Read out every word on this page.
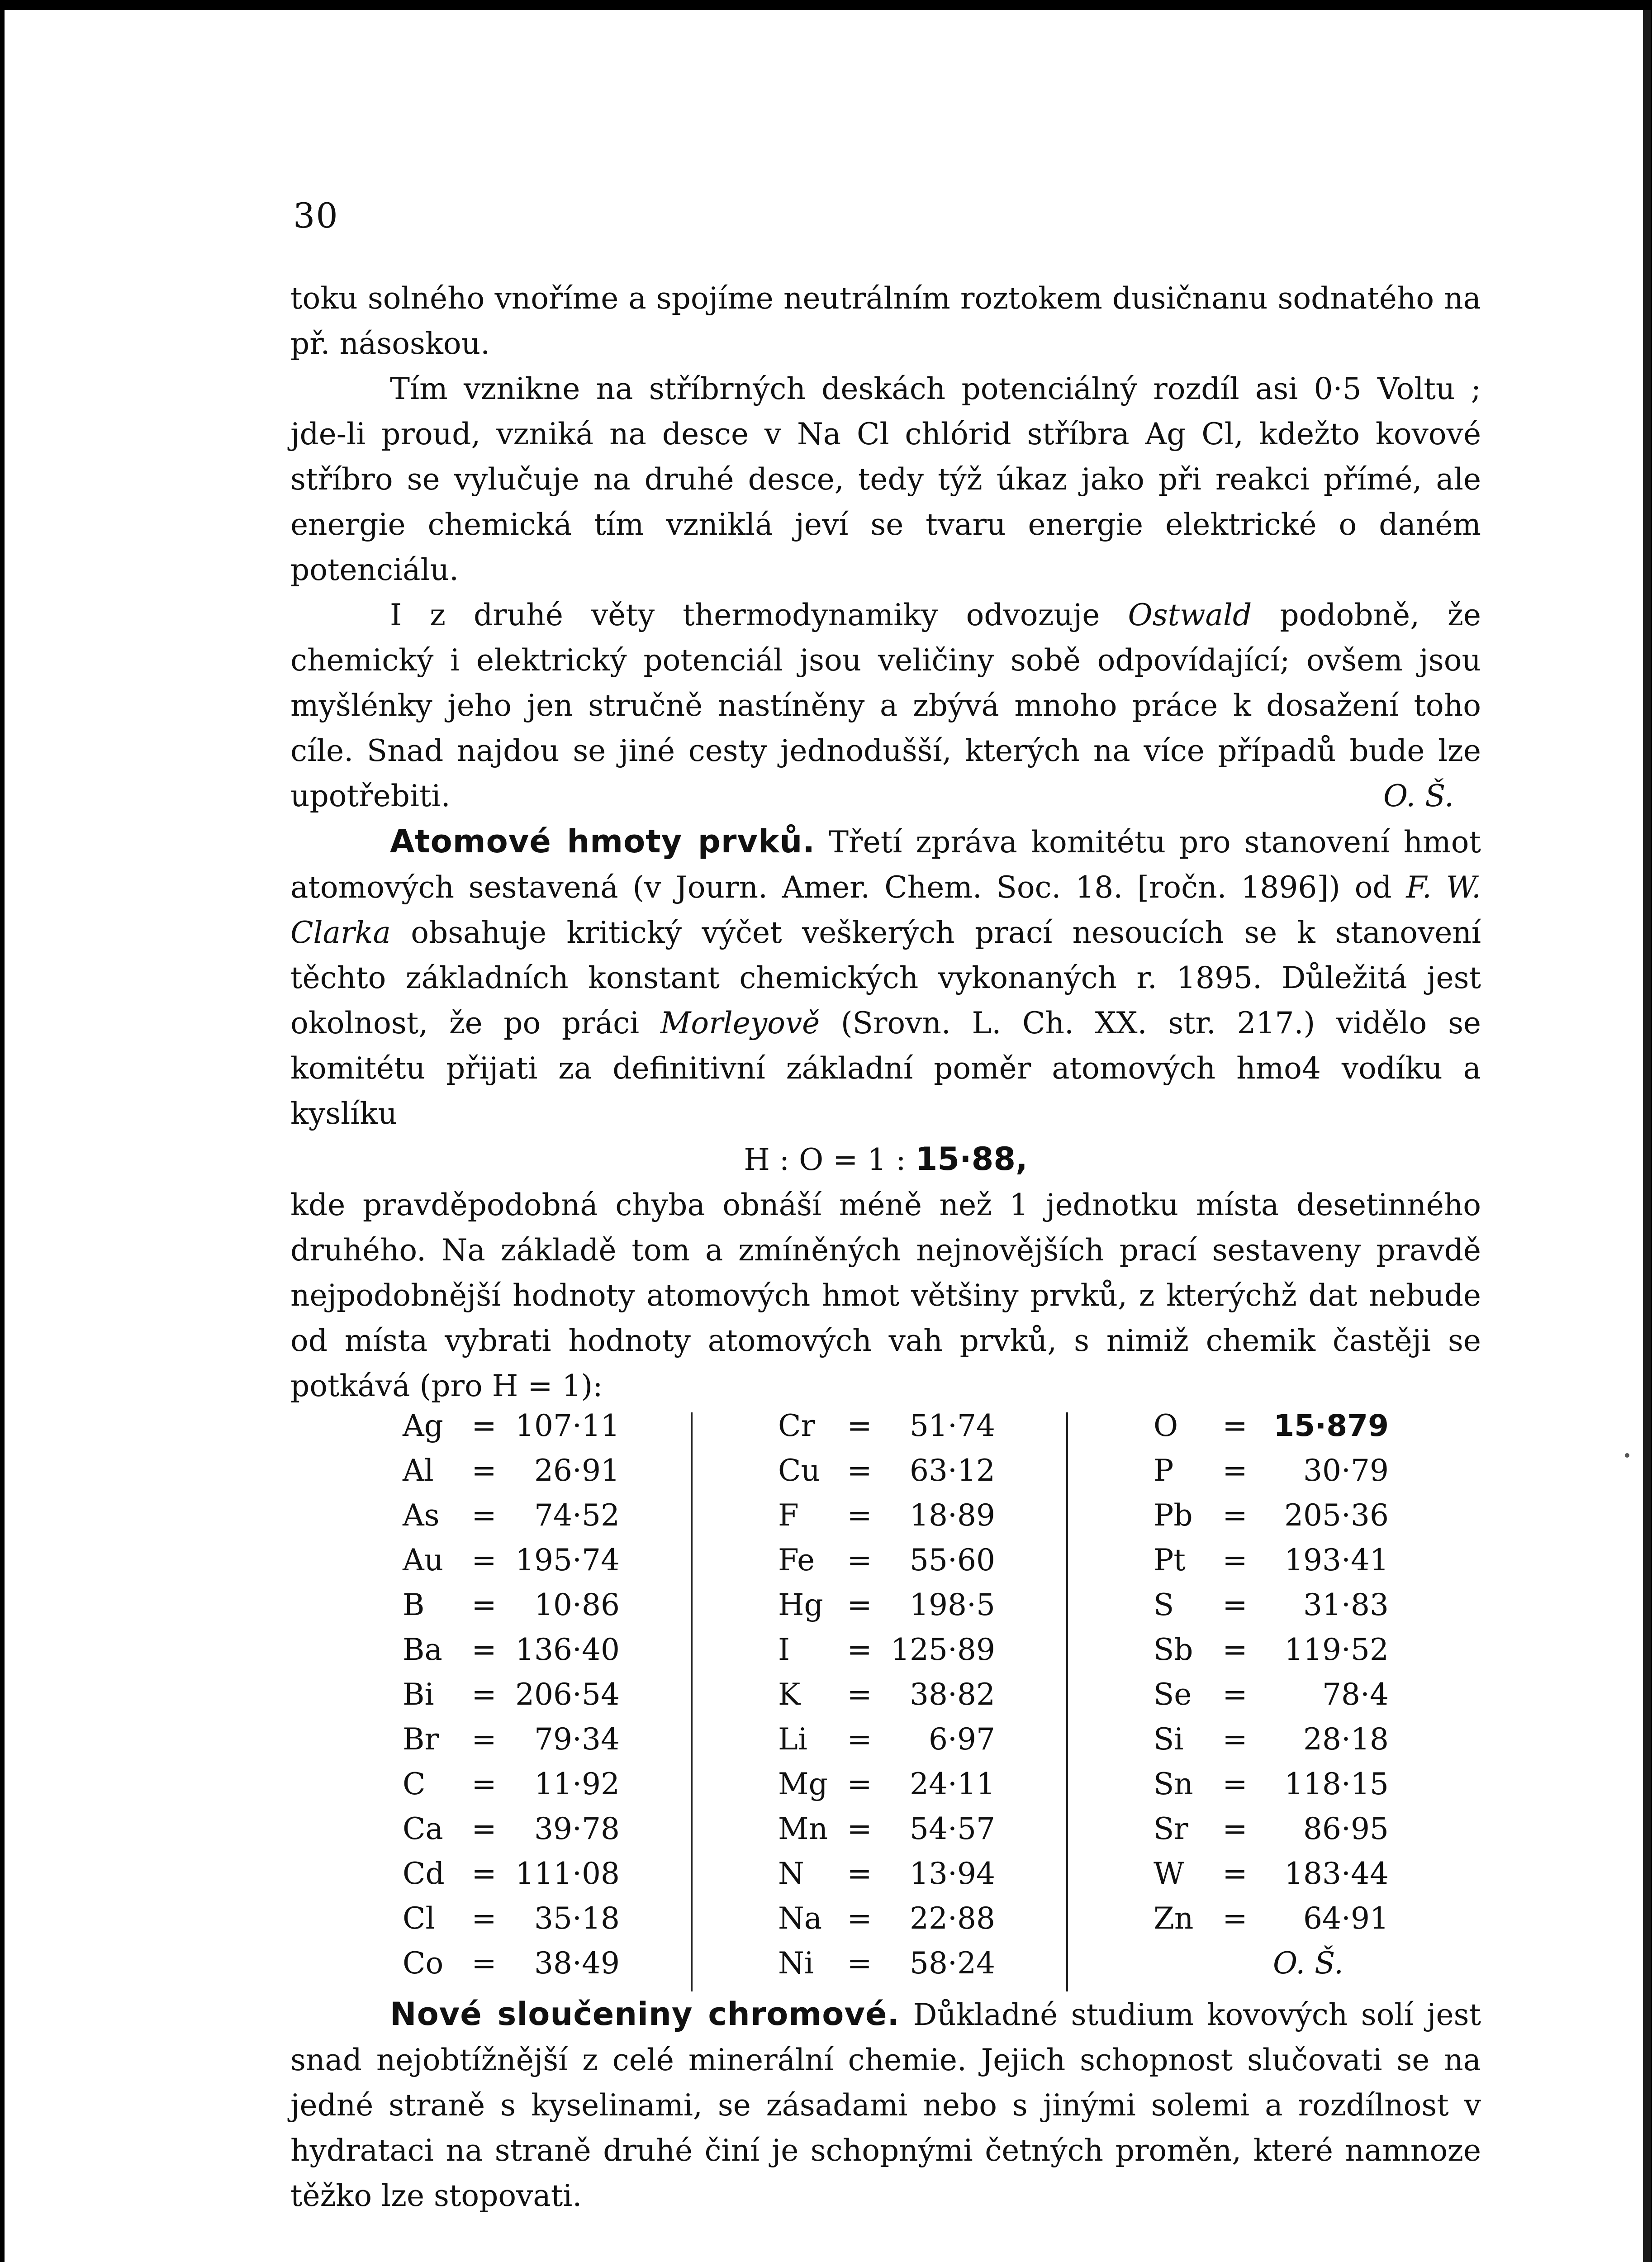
30

toku solného vnoříme a spojíme neutrálním roztokem dusičnanu sodnatého na př. násoskou.

Tím vznikne na stříbrných deskách potenciálný rozdíl asi 0·5 Voltu ; jde-li proud, vzniká na desce v Na Cl chlórid stříbra Ag Cl, kdežto kovové stříbro se vylučuje na druhé desce, tedy týž úkaz jako při reakci přímé, ale energie chemická tím vzniklá jeví se tvaru energie elektrické o daném potenciálu.

I z druhé věty thermodynamiky odvozuje Ostwald podobně, že chemický i elektrický potenciál jsou veličiny sobě odpovídající; ovšem jsou myšlénky jeho jen stručně nastíněny a zbývá mnoho práce k dosažení toho cíle. Snad najdou se jiné cesty jednodušší, kterých na více případů bude lze upotřebiti.	O. Š.

Atomové hmoty prvků. Třetí zpráva komitétu pro stanovení hmot atomových sestavená (v Journ. Amer. Chem. Soc. 18. [ročn. 1896]) od F. W. Clarka obsahuje kritický výčet veškerých prací nesoucích se k stanovení těchto základních konstant chemických vykonaných r. 1895. Důležitá jest okolnost, že po práci Morleyově (Srovn. L. Ch. XX. str. 217.) vidělo se komitétu přijati za definitivní základní poměr atomových hmo4 vodíku a kyslíku

H : O = 1 : 15·88,

kde pravděpodobná chyba obnáší méně než 1 jednotku místa desetinného druhého. Na základě tom a zmíněných nejnovějších prací sestaveny pravdě nejpodobnější hodnoty atomových hmot většiny prvků, z kterýchž dat nebude od místa vybrati hodnoty atomových vah prvků, s nimiž chemik častěji se potkává (pro H = 1):

Ag = 107·11
Al = 26·91
As = 74·52
Au = 195·74
B = 10·86
Ba = 136·40
Bi = 206·54
Br = 79·34
C = 11·92
Ca = 39·78
Cd = 111·08
Cl = 35·18
Co = 38·49
Cr = 51·74
Cu = 63·12
F = 18·89
Fe = 55·60
Hg = 198·5
I = 125·89
K = 38·82
Li = 6·97
Mg = 24·11
Mn = 54·57
N = 13·94
Na = 22·88
Ni = 58·24
O = 15·879
P = 30·79
Pb = 205·36
Pt = 193·41
S = 31·83
Sb = 119·52
Se =	78·4
Si = 28·18
Sn = 118·15
Sr = 86·95
W = 183·44
Zn = 64·91
O. Š.

Nové sloučeniny chromové. Důkladné studium kovových solí jest snad nejobtížnější z celé minerální chemie. Jejich schopnost slučovati se na jedné straně s kyselinami, se zásadami nebo s jinými solemi a rozdílnost v hydrataci na straně druhé činí je schopnými četných proměn, které namnoze těžko lze stopovati.
